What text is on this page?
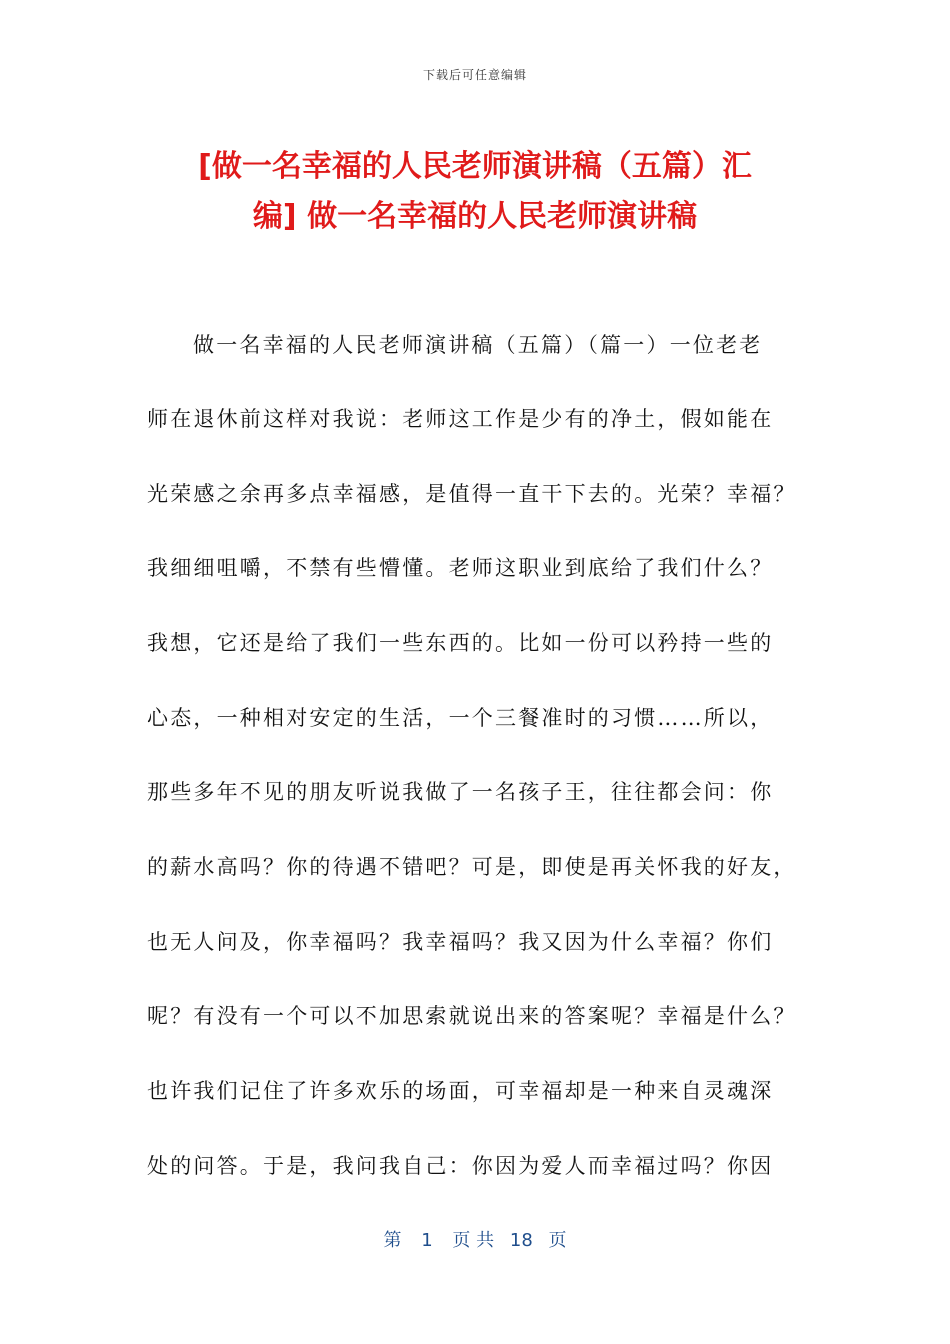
下载后可任意编辑
[做一名幸福的人民老师演讲稿（五篇）汇
编] 做一名幸福的人民老师演讲稿
做一名幸福的人民老师演讲稿（五篇）（篇一）一位老老
师在退休前这样对我说：老师这工作是少有的净土，假如能在
光荣感之余再多点幸福感，是值得一直干下去的。光荣？幸福？
我细细咀嚼，不禁有些懵懂。老师这职业到底给了我们什么？
我想，它还是给了我们一些东西的。比如一份可以矜持一些的
心态，一种相对安定的生活，一个三餐准时的习惯……所以，
那些多年不见的朋友听说我做了一名孩子王，往往都会问：你
的薪水高吗？你的待遇不错吧？可是，即使是再关怀我的好友，
也无人问及，你幸福吗？我幸福吗？我又因为什么幸福？你们
呢？有没有一个可以不加思索就说出来的答案呢？幸福是什么？
也许我们记住了许多欢乐的场面，可幸福却是一种来自灵魂深
处的问答。于是，我问我自己：你因为爱人而幸福过吗？你因
第 1 页 共 18 页
